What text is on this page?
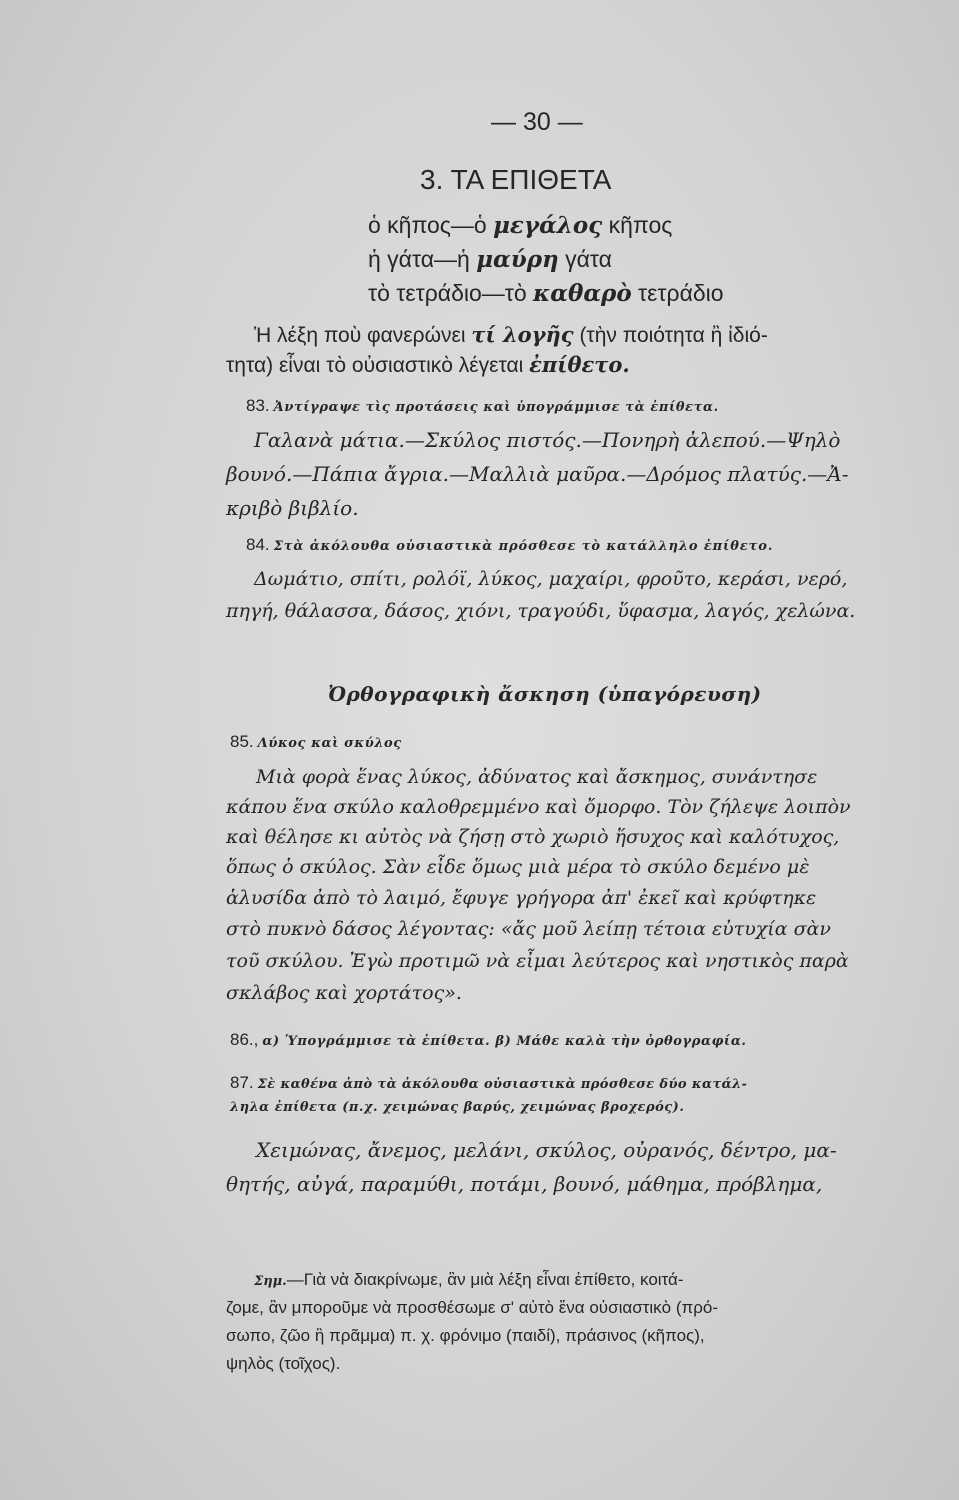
— 30 —
3. ΤΑ ΕΠΙΘΕΤΑ
ὁ κῆπος—ὁ μεγάλος κῆπος
ἡ γάτα—ἡ μαύρη γάτα
τὸ τετράδιο—τὸ καθαρὸ τετράδιο
Ἡ λέξη ποὺ φανερώνει τί λογῆς (τὴν ποιότητα ἢ ἰδιό-
τητα) εἶναι τὸ οὐσιαστικὸ λέγεται ἐπίθετο.
83. Ἀντίγραψε τὶς προτάσεις καὶ ὑπογράμμισε τὰ ἐπίθετα.
Γαλανὰ μάτια.—Σκύλος πιστός.—Πονηρὴ ἀλεπού.—Ψηλὸ
βουνό.—Πάπια ἄγρια.—Μαλλιὰ μαῦρα.—Δρόμος πλατύς.—Ἀ-
κριβὸ βιβλίο.
84. Στὰ ἀκόλουθα οὐσιαστικὰ πρόσθεσε τὸ κατάλληλο ἐπίθετο.
Δωμάτιο, σπίτι, ρολόϊ, λύκος, μαχαίρι, φροῦτο, κεράσι, νερό,
πηγή, θάλασσα, δάσος, χιόνι, τραγούδι, ὕφασμα, λαγός, χελώνα.
Ὀρθογραφικὴ ἄσκηση (ὑπαγόρευση)
85. Λύκος καὶ σκύλος
Μιὰ φορὰ ἕνας λύκος, ἀδύνατος καὶ ἄσκημος, συνάντησε
κάπου ἕνα σκύλο καλοθρεμμένο καὶ ὄμορφο. Τὸν ζήλεψε λοιπὸν
καὶ θέλησε κι αὐτὸς νὰ ζήσῃ στὸ χωριὸ ἥσυχος καὶ καλότυχος,
ὅπως ὁ σκύλος. Σὰν εἶδε ὅμως μιὰ μέρα τὸ σκύλο δεμένο μὲ
ἁλυσίδα ἀπὸ τὸ λαιμό, ἔφυγε γρήγορα ἀπ' ἐκεῖ καὶ κρύφτηκε
στὸ πυκνὸ δάσος λέγοντας: «ἄς μοῦ λείπῃ τέτοια εὐτυχία σὰν
τοῦ σκύλου. Ἐγὼ προτιμῶ νὰ εἶμαι λεύτερος καὶ νηστικὸς παρὰ
σκλάβος καὶ χορτάτος».
86., α) Ὑπογράμμισε τὰ ἐπίθετα. β) Μάθε καλὰ τὴν ὀρθογραφία.
87. Σὲ καθένα ἀπὸ τὰ ἀκόλουθα οὐσιαστικὰ πρόσθεσε δύο κατάλ-
ληλα ἐπίθετα (π.χ. χειμώνας βαρύς, χειμώνας βροχερός).
Χειμώνας, ἄνεμος, μελάνι, σκύλος, οὐρανός, δέντρο, μα-
θητής, αὐγά, παραμύθι, ποτάμι, βουνό, μάθημα, πρόβλημα,
Σημ.—Γιὰ νὰ διακρίνωμε, ἂν μιὰ λέξη εἶναι ἐπίθετο, κοιτά-
ζομε, ἂν μποροῦμε νὰ προσθέσωμε σ' αὐτὸ ἕνα οὐσιαστικὸ (πρό-
σωπο, ζῶο ἢ πρᾶμμα) π. χ. φρόνιμο (παιδί), πράσινος (κῆπος),
ψηλὸς (τοῖχος).
